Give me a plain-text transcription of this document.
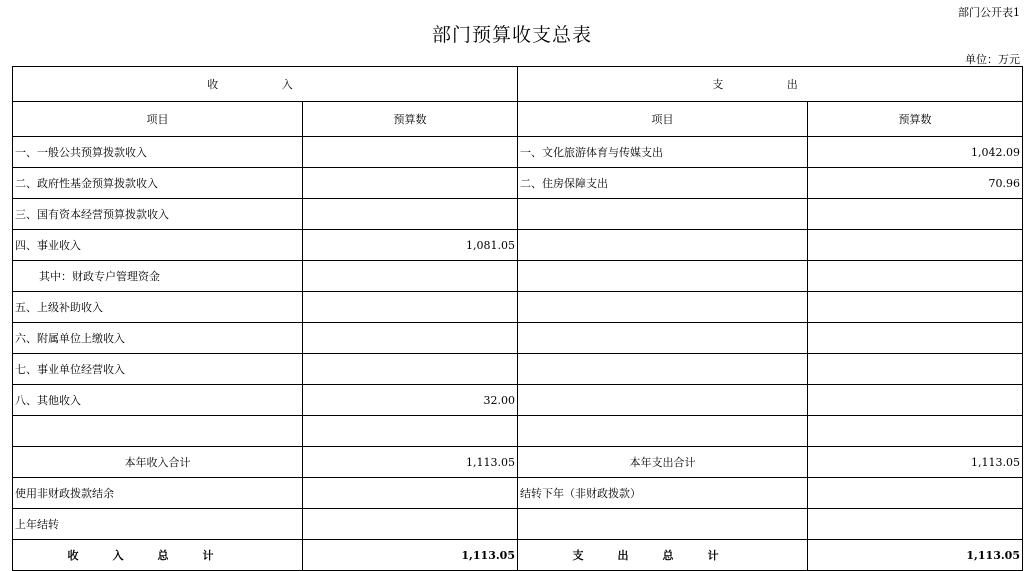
部门公开表1
部门预算收支总表
单位：万元
收 入		支 出	
项目	预算数	项目	预算数
一、一般公共预算拨款收入		一、文化旅游体育与传媒支出	1,042.09
二、政府性基金预算拨款收入		二、住房保障支出	70.96
三、国有资本经营预算拨款收入			
四、事业收入	1,081.05		
其中：财政专户管理资金			
五、上级补助收入			
六、附属单位上缴收入			
七、事业单位经营收入			
八、其他收入	32.00		

本年收入合计	1,113.05	本年支出合计	1,113.05
使用非财政拨款结余		结转下年（非财政拨款）	
上年结转			
收入总计	1,113.05	支出总计	1,113.05
